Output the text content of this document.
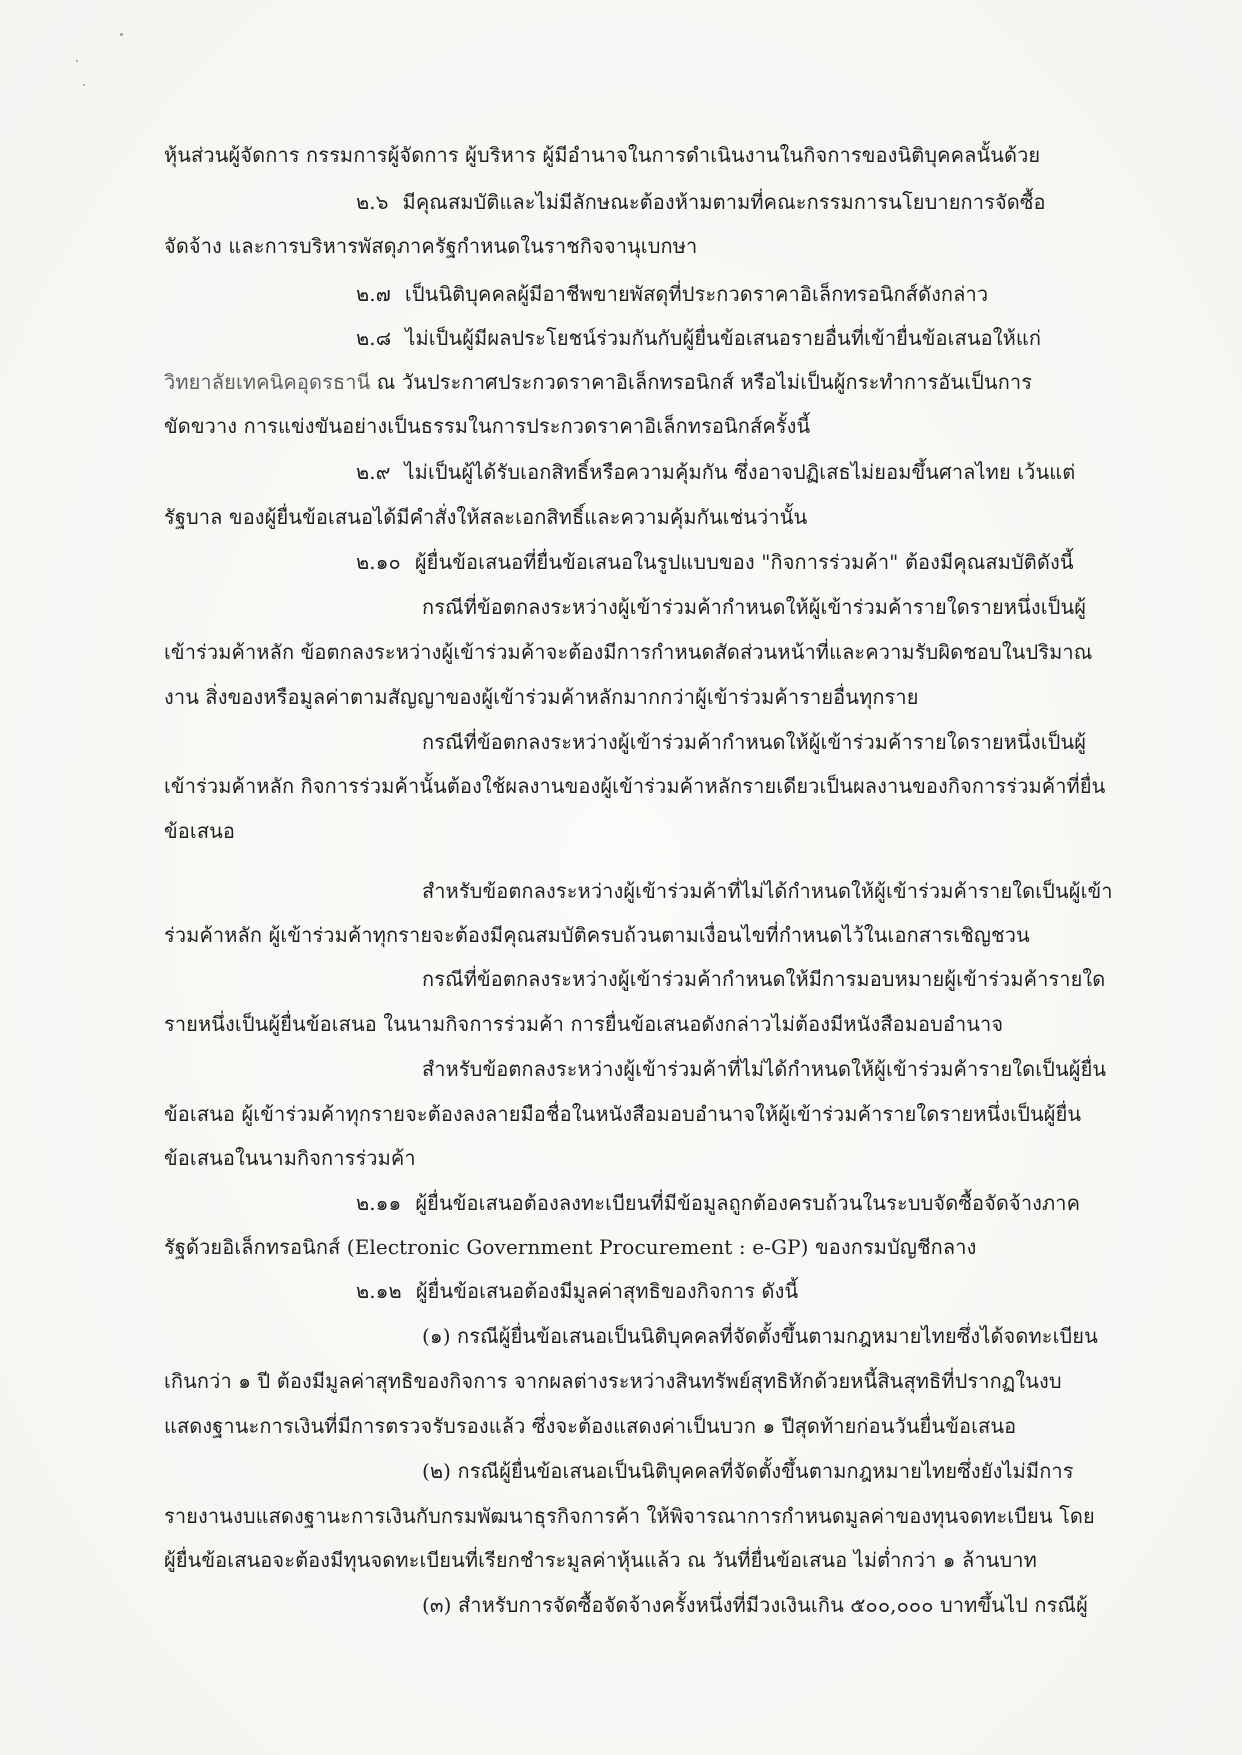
หุ้นส่วนผู้จัดการ กรรมการผู้จัดการ ผู้บริหาร ผู้มีอำนาจในการดำเนินงานในกิจการของนิติบุคคลนั้นด้วย
๒.๖ มีคุณสมบัติและไม่มีลักษณะต้องห้ามตามที่คณะกรรมการนโยบายการจัดซื้อ
จัดจ้าง และการบริหารพัสดุภาครัฐกำหนดในราชกิจจานุเบกษา
๒.๗ เป็นนิติบุคคลผู้มีอาชีพขายพัสดุที่ประกวดราคาอิเล็กทรอนิกส์ดังกล่าว
๒.๘ ไม่เป็นผู้มีผลประโยชน์ร่วมกันกับผู้ยื่นข้อเสนอรายอื่นที่เข้ายื่นข้อเสนอให้แก่
วิทยาลัยเทคนิคอุดรธานี ณ วันประกาศประกวดราคาอิเล็กทรอนิกส์ หรือไม่เป็นผู้กระทำการอันเป็นการ
ขัดขวาง การแข่งขันอย่างเป็นธรรมในการประกวดราคาอิเล็กทรอนิกส์ครั้งนี้
๒.๙ ไม่เป็นผู้ได้รับเอกสิทธิ์หรือความคุ้มกัน ซึ่งอาจปฏิเสธไม่ยอมขึ้นศาลไทย เว้นแต่
รัฐบาล ของผู้ยื่นข้อเสนอได้มีคำสั่งให้สละเอกสิทธิ์และความคุ้มกันเช่นว่านั้น
๒.๑๐ ผู้ยื่นข้อเสนอที่ยื่นข้อเสนอในรูปแบบของ "กิจการร่วมค้า" ต้องมีคุณสมบัติดังนี้
กรณีที่ข้อตกลงระหว่างผู้เข้าร่วมค้ากำหนดให้ผู้เข้าร่วมค้ารายใดรายหนึ่งเป็นผู้
เข้าร่วมค้าหลัก ข้อตกลงระหว่างผู้เข้าร่วมค้าจะต้องมีการกำหนดสัดส่วนหน้าที่และความรับผิดชอบในปริมาณ
งาน สิ่งของหรือมูลค่าตามสัญญาของผู้เข้าร่วมค้าหลักมากกว่าผู้เข้าร่วมค้ารายอื่นทุกราย
กรณีที่ข้อตกลงระหว่างผู้เข้าร่วมค้ากำหนดให้ผู้เข้าร่วมค้ารายใดรายหนึ่งเป็นผู้
เข้าร่วมค้าหลัก กิจการร่วมค้านั้นต้องใช้ผลงานของผู้เข้าร่วมค้าหลักรายเดียวเป็นผลงานของกิจการร่วมค้าที่ยื่น
ข้อเสนอ
สำหรับข้อตกลงระหว่างผู้เข้าร่วมค้าที่ไม่ได้กำหนดให้ผู้เข้าร่วมค้ารายใดเป็นผู้เข้า
ร่วมค้าหลัก ผู้เข้าร่วมค้าทุกรายจะต้องมีคุณสมบัติครบถ้วนตามเงื่อนไขที่กำหนดไว้ในเอกสารเชิญชวน
กรณีที่ข้อตกลงระหว่างผู้เข้าร่วมค้ากำหนดให้มีการมอบหมายผู้เข้าร่วมค้ารายใด
รายหนึ่งเป็นผู้ยื่นข้อเสนอ ในนามกิจการร่วมค้า การยื่นข้อเสนอดังกล่าวไม่ต้องมีหนังสือมอบอำนาจ
สำหรับข้อตกลงระหว่างผู้เข้าร่วมค้าที่ไม่ได้กำหนดให้ผู้เข้าร่วมค้ารายใดเป็นผู้ยื่น
ข้อเสนอ ผู้เข้าร่วมค้าทุกรายจะต้องลงลายมือชื่อในหนังสือมอบอำนาจให้ผู้เข้าร่วมค้ารายใดรายหนึ่งเป็นผู้ยื่น
ข้อเสนอในนามกิจการร่วมค้า
๒.๑๑ ผู้ยื่นข้อเสนอต้องลงทะเบียนที่มีข้อมูลถูกต้องครบถ้วนในระบบจัดซื้อจัดจ้างภาค
รัฐด้วยอิเล็กทรอนิกส์ (Electronic Government Procurement : e-GP) ของกรมบัญชีกลาง
๒.๑๒ ผู้ยื่นข้อเสนอต้องมีมูลค่าสุทธิของกิจการ ดังนี้
(๑) กรณีผู้ยื่นข้อเสนอเป็นนิติบุคคลที่จัดตั้งขึ้นตามกฎหมายไทยซึ่งได้จดทะเบียน
เกินกว่า ๑ ปี ต้องมีมูลค่าสุทธิของกิจการ จากผลต่างระหว่างสินทรัพย์สุทธิหักด้วยหนี้สินสุทธิที่ปรากฏในงบ
แสดงฐานะการเงินที่มีการตรวจรับรองแล้ว ซึ่งจะต้องแสดงค่าเป็นบวก ๑ ปีสุดท้ายก่อนวันยื่นข้อเสนอ
(๒) กรณีผู้ยื่นข้อเสนอเป็นนิติบุคคลที่จัดตั้งขึ้นตามกฎหมายไทยซึ่งยังไม่มีการ
รายงานงบแสดงฐานะการเงินกับกรมพัฒนาธุรกิจการค้า ให้พิจารณาการกำหนดมูลค่าของทุนจดทะเบียน โดย
ผู้ยื่นข้อเสนอจะต้องมีทุนจดทะเบียนที่เรียกชำระมูลค่าหุ้นแล้ว ณ วันที่ยื่นข้อเสนอ ไม่ต่ำกว่า ๑ ล้านบาท
(๓) สำหรับการจัดซื้อจัดจ้างครั้งหนึ่งที่มีวงเงินเกิน ๕๐๐,๐๐๐ บาทขึ้นไป กรณีผู้
